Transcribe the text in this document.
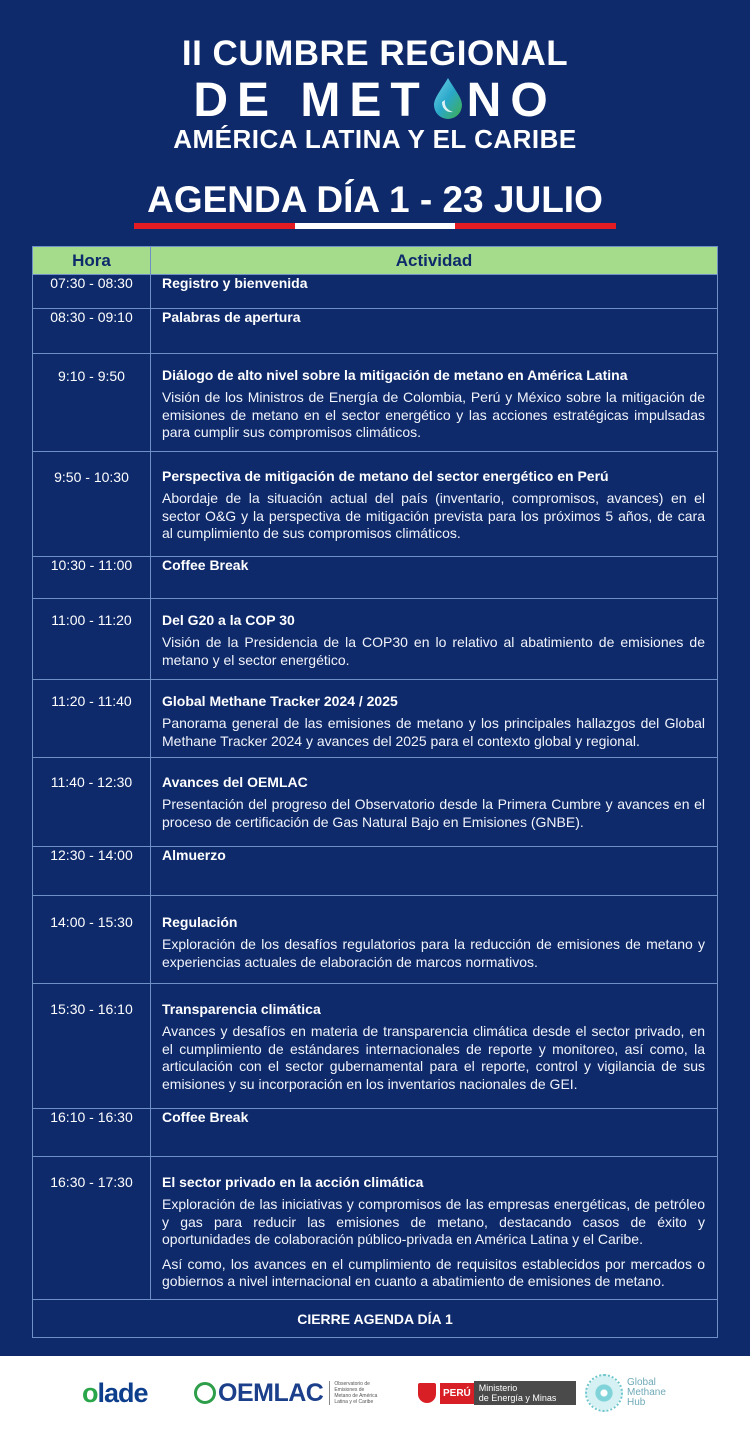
II CUMBRE REGIONAL
DE MET NO
AMÉRICA LATINA Y EL CARIBE
AGENDA DÍA 1 - 23 JULIO
Hora	Actividad

07:30 - 08:30	Registro y bienvenida

08:30 - 09:10	Palabras de apertura

9:10 - 9:50	Diálogo de alto nivel sobre la mitigación de metano en América Latina
Visión de los Ministros de Energía de Colombia, Perú y México sobre la mitigación de emisiones de metano en el sector energético y las acciones estratégicas impulsadas para cumplir sus compromisos climáticos.

9:50 - 10:30	Perspectiva de mitigación de metano del sector energético en Perú
Abordaje de la situación actual del país (inventario, compromisos, avances) en el sector O&G y la perspectiva de mitigación prevista para los próximos 5 años, de cara al cumplimiento de sus compromisos climáticos.

10:30 - 11:00	Coffee Break

11:00 - 11:20	Del G20 a la COP 30
Visión de la Presidencia de la COP30 en lo relativo al abatimiento de emisiones de metano y el sector energético.

11:20 - 11:40	Global Methane Tracker 2024 / 2025
Panorama general de las emisiones de metano y los principales hallazgos del Global Methane Tracker 2024 y avances del 2025 para el contexto global y regional.

11:40 - 12:30	Avances del OEMLAC
Presentación del progreso del Observatorio desde la Primera Cumbre y avances en el proceso de certificación de Gas Natural Bajo en Emisiones (GNBE).

12:30 - 14:00	Almuerzo

14:00 - 15:30	Regulación
Exploración de los desafíos regulatorios para la reducción de emisiones de metano y experiencias actuales de elaboración de marcos normativos.

15:30 - 16:10	Transparencia climática
Avances y desafíos en materia de transparencia climática desde el sector privado, en el cumplimiento de estándares internacionales de reporte y monitoreo, así como, la articulación con el sector gubernamental para el reporte, control y vigilancia de sus emisiones y su incorporación en los inventarios nacionales de GEI.

16:10 - 16:30	Coffee Break

16:30 - 17:30	El sector privado en la acción climática
Exploración de las iniciativas y compromisos de las empresas energéticas, de petróleo y gas para reducir las emisiones de metano, destacando casos de éxito y oportunidades de colaboración público-privada en América Latina y el Caribe.
Así como, los avances en el cumplimiento de requisitos establecidos por mercados o gobiernos a nivel internacional en cuanto a abatimiento de emisiones de metano.

CIERRE AGENDA DÍA 1	
olade	OEMLAC	Observatorio de Emisiones de Metano de América Latina y el Caribe
PERÚ Ministerio
de Energía y Minas
Global
Methane
Hub
